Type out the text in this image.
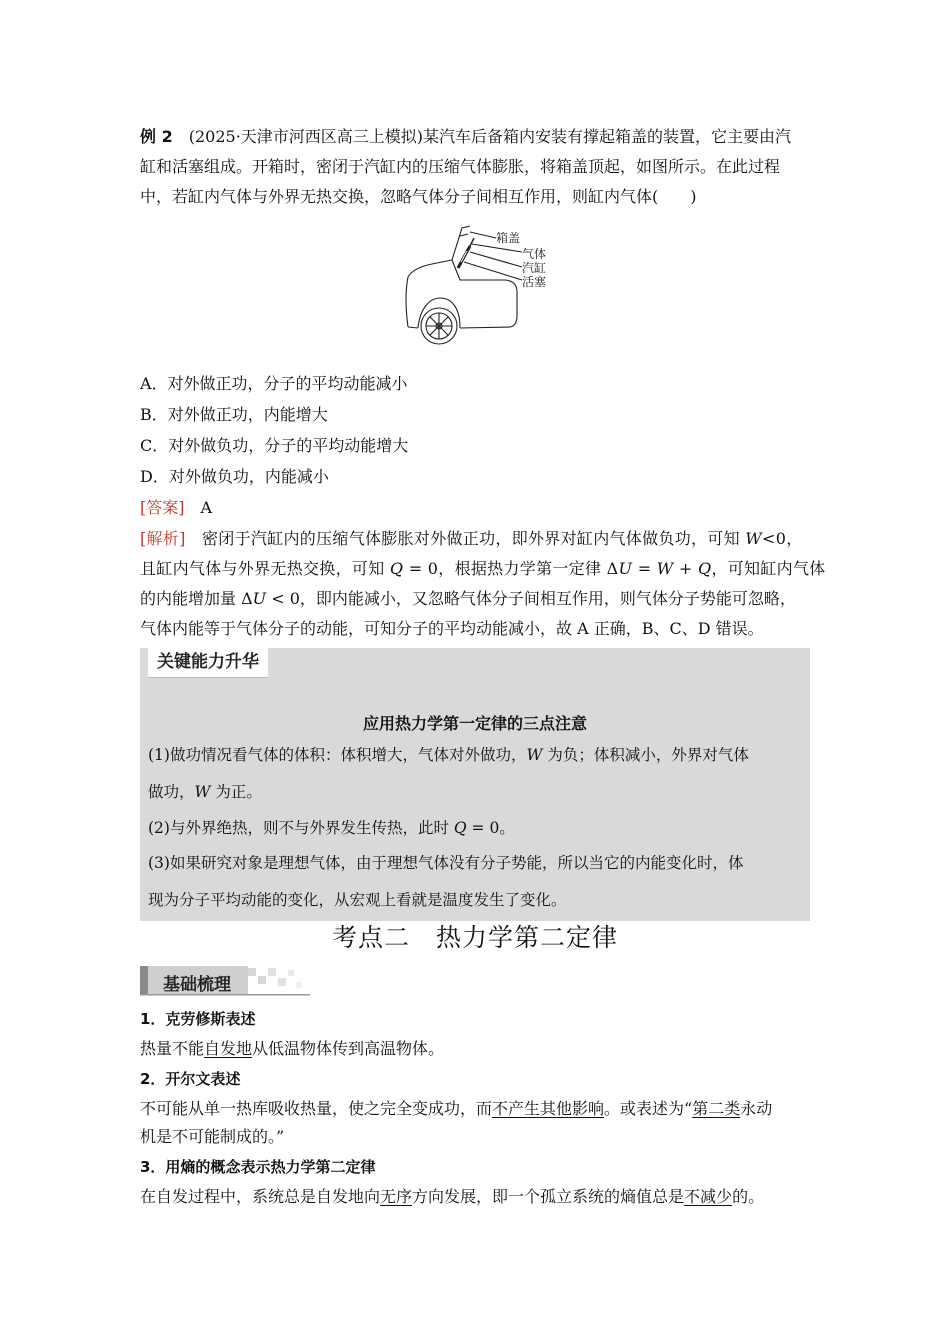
例 2　 (2025·天津市河西区高三上模拟)某汽车后备箱内安装有撑起箱盖的装置，它主要由汽
缸和活塞组成。开箱时，密闭于汽缸内的压缩气体膨胀，将箱盖顶起，如图所示。在此过程
中，若缸内气体与外界无热交换，忽略气体分子间相互作用，则缸内气体(　　)
箱盖
气体
汽缸
活塞
A．对外做正功，分子的平均动能减小
B．对外做正功，内能增大
C．对外做负功，分子的平均动能增大
D．对外做负功，内能减小
[答案]　 A
[解析]　 密闭于汽缸内的压缩气体膨胀对外做正功，即外界对缸内气体做负功，可知 W<0，
且缸内气体与外界无热交换，可知 Q = 0，根据热力学第一定律 ΔU = W + Q，可知缸内气体
的内能增加量 ΔU < 0，即内能减小，又忽略气体分子间相互作用，则气体分子势能可忽略，
气体内能等于气体分子的动能，可知分子的平均动能减小，故 A 正确，B、C、D 错误。
关键能力升华
应用热力学第一定律的三点注意
(1)做功情况看气体的体积：体积增大，气体对外做功，W 为负；体积减小，外界对气体
做功，W 为正。
(2)与外界绝热，则不与外界发生传热，此时 Q = 0。
(3)如果研究对象是理想气体，由于理想气体没有分子势能，所以当它的内能变化时，体
现为分子平均动能的变化，从宏观上看就是温度发生了变化。
考点二　热力学第二定律
基础梳理
1．克劳修斯表述
热量不能自发地从低温物体传到高温物体。
2．开尔文表述
不可能从单一热库吸收热量，使之完全变成功，而不产生其他影响。或表述为“第二类永动
机是不可能制成的。”
3．用熵的概念表示热力学第二定律
在自发过程中，系统总是自发地向无序方向发展，即一个孤立系统的熵值总是不减少的。
